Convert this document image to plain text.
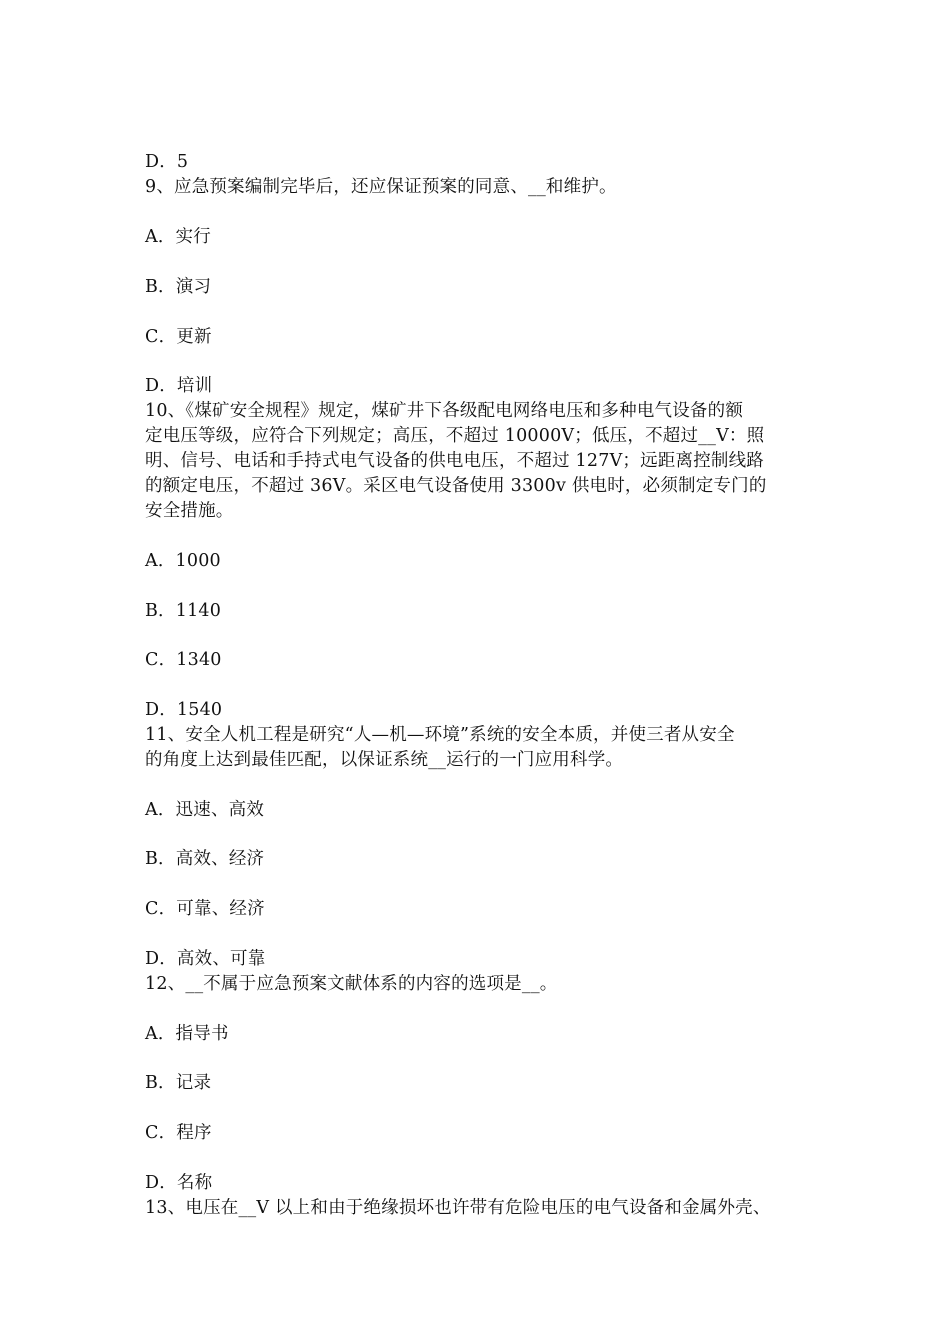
D．5
9、应急预案编制完毕后，还应保证预案的同意、__和维护。
A．实行
B．演习
C．更新
D．培训
10、《煤矿安全规程》规定，煤矿井下各级配电网络电压和多种电气设备的额
定电压等级，应符合下列规定；高压，不超过 10000V；低压，不超过__V：照
明、信号、电话和手持式电气设备的供电电压，不超过 127V；远距离控制线路
的额定电压，不超过 36V。采区电气设备使用 3300v 供电时，必须制定专门的
安全措施。
A．1000
B．1140
C．1340
D．1540
11、安全人机工程是研究“人—机—环境”系统的安全本质，并使三者从安全
的角度上达到最佳匹配，以保证系统__运行的一门应用科学。
A．迅速、高效
B．高效、经济
C．可靠、经济
D．高效、可靠
12、__不属于应急预案文献体系的内容的选项是__。
A．指导书
B．记录
C．程序
D．名称
13、电压在__V 以上和由于绝缘损坏也许带有危险电压的电气设备和金属外壳、
